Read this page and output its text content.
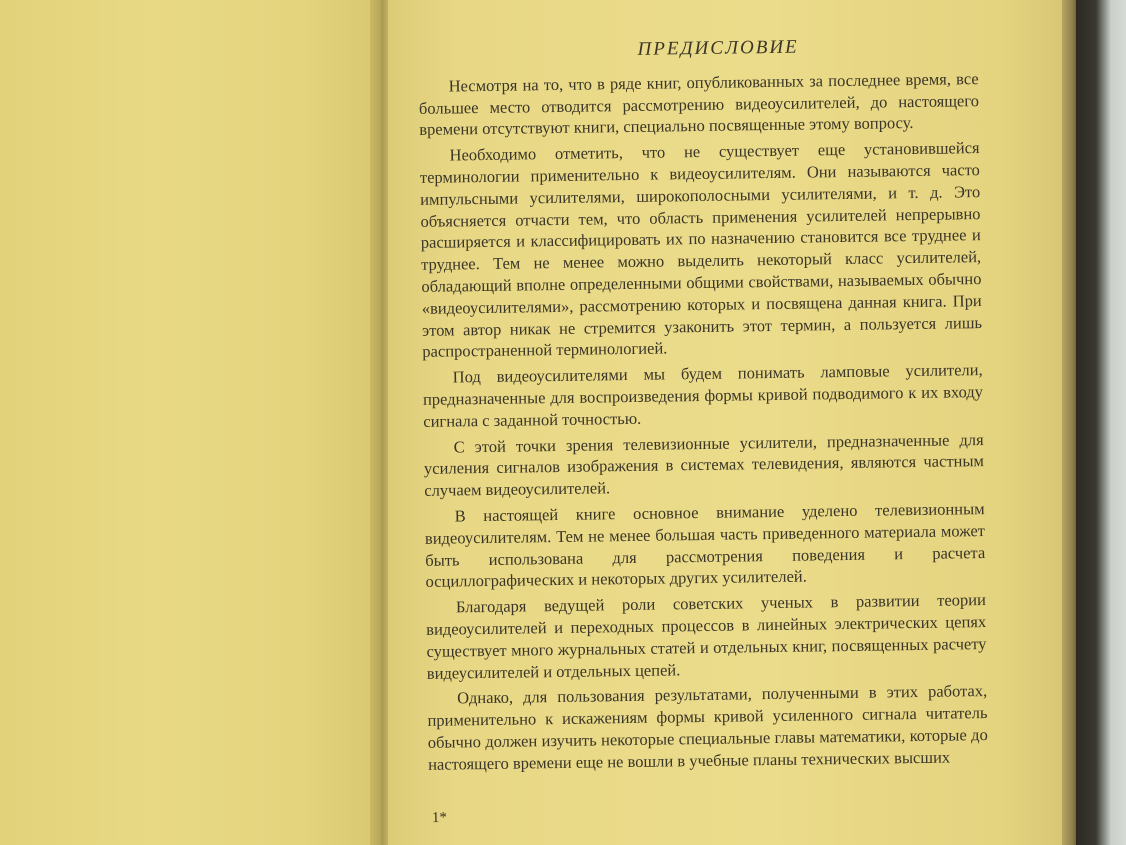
ПРЕДИСЛОВИЕ

Несмотря на то, что в ряде книг, опубликованных за последнее время, все большее место отводится рассмотрению видеоусилителей, до настоящего времени отсутствуют книги, специально посвященные этому вопросу.

Необходимо отметить, что не существует еще установившейся терминологии применительно к видеоусилителям. Они называются часто импульсными усилителями, широкополосными усилителями, и т. д. Это объясняется отчасти тем, что область применения усилителей непрерывно расширяется и классифицировать их по назначению становится все труднее и труднее. Тем не менее можно выделить некоторый класс усилителей, обладающий вполне определенными общими свойствами, называемых обычно «видеоусилителями», рассмотрению которых и посвящена данная книга. При этом автор никак не стремится узаконить этот термин, а пользуется лишь распространенной терминологией.

Под видеоусилителями мы будем понимать ламповые усилители, предназначенные для воспроизведения формы кривой подводимого к их входу сигнала с заданной точностью.

С этой точки зрения телевизионные усилители, предназначенные для усиления сигналов изображения в системах телевидения, являются частным случаем видеоусилителей.

В настоящей книге основное внимание уделено телевизионным видеоусилителям. Тем не менее большая часть приведенного материала может быть использована для рассмотрения поведения и расчета осциллографических и некоторых других усилителей.

Благодаря ведущей роли советских ученых в развитии теории видеоусилителей и переходных процессов в линейных электрических цепях существует много журнальных статей и отдельных книг, посвященных расчету видеусилителей и отдельных цепей.

Однако, для пользования результатами, полученными в этих работах, применительно к искажениям формы кривой усиленного сигнала читатель обычно должен изучить некоторые специальные главы математики, которые до настоящего времени еще не вошли в учебные планы технических высших

1*
